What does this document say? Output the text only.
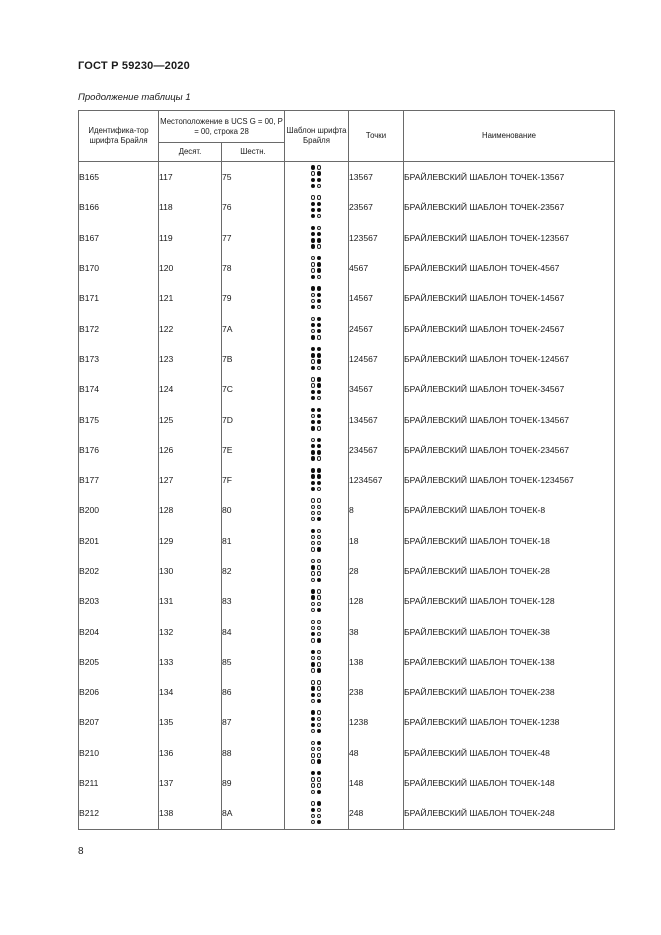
ГОСТ Р 59230—2020
Продолжение таблицы 1
Идентифика-тор шрифта Брайля	Местоположение в UCS G = 00, P = 00, строка 28		Шаблон шрифта Брайля	Точки	Наименование
	Десят.	Шестн.			
B165	117	75		13567	БРАЙЛЕВСКИЙ ШАБЛОН ТОЧЕК-13567
B166	118	76		23567	БРАЙЛЕВСКИЙ ШАБЛОН ТОЧЕК-23567
B167	119	77		123567	БРАЙЛЕВСКИЙ ШАБЛОН ТОЧЕК-123567
B170	120	78		4567	БРАЙЛЕВСКИЙ ШАБЛОН ТОЧЕК-4567
B171	121	79		14567	БРАЙЛЕВСКИЙ ШАБЛОН ТОЧЕК-14567
B172	122	7A		24567	БРАЙЛЕВСКИЙ ШАБЛОН ТОЧЕК-24567
B173	123	7B		124567	БРАЙЛЕВСКИЙ ШАБЛОН ТОЧЕК-124567
B174	124	7C		34567	БРАЙЛЕВСКИЙ ШАБЛОН ТОЧЕК-34567
B175	125	7D		134567	БРАЙЛЕВСКИЙ ШАБЛОН ТОЧЕК-134567
B176	126	7E		234567	БРАЙЛЕВСКИЙ ШАБЛОН ТОЧЕК-234567
B177	127	7F		1234567	БРАЙЛЕВСКИЙ ШАБЛОН ТОЧЕК-1234567
B200	128	80		8	БРАЙЛЕВСКИЙ ШАБЛОН ТОЧЕК-8
B201	129	81		18	БРАЙЛЕВСКИЙ ШАБЛОН ТОЧЕК-18
B202	130	82		28	БРАЙЛЕВСКИЙ ШАБЛОН ТОЧЕК-28
B203	131	83		128	БРАЙЛЕВСКИЙ ШАБЛОН ТОЧЕК-128
B204	132	84		38	БРАЙЛЕВСКИЙ ШАБЛОН ТОЧЕК-38
B205	133	85		138	БРАЙЛЕВСКИЙ ШАБЛОН ТОЧЕК-138
B206	134	86		238	БРАЙЛЕВСКИЙ ШАБЛОН ТОЧЕК-238
B207	135	87		1238	БРАЙЛЕВСКИЙ ШАБЛОН ТОЧЕК-1238
B210	136	88		48	БРАЙЛЕВСКИЙ ШАБЛОН ТОЧЕК-48
B211	137	89		148	БРАЙЛЕВСКИЙ ШАБЛОН ТОЧЕК-148
B212	138	8A		248	БРАЙЛЕВСКИЙ ШАБЛОН ТОЧЕК-248
8
